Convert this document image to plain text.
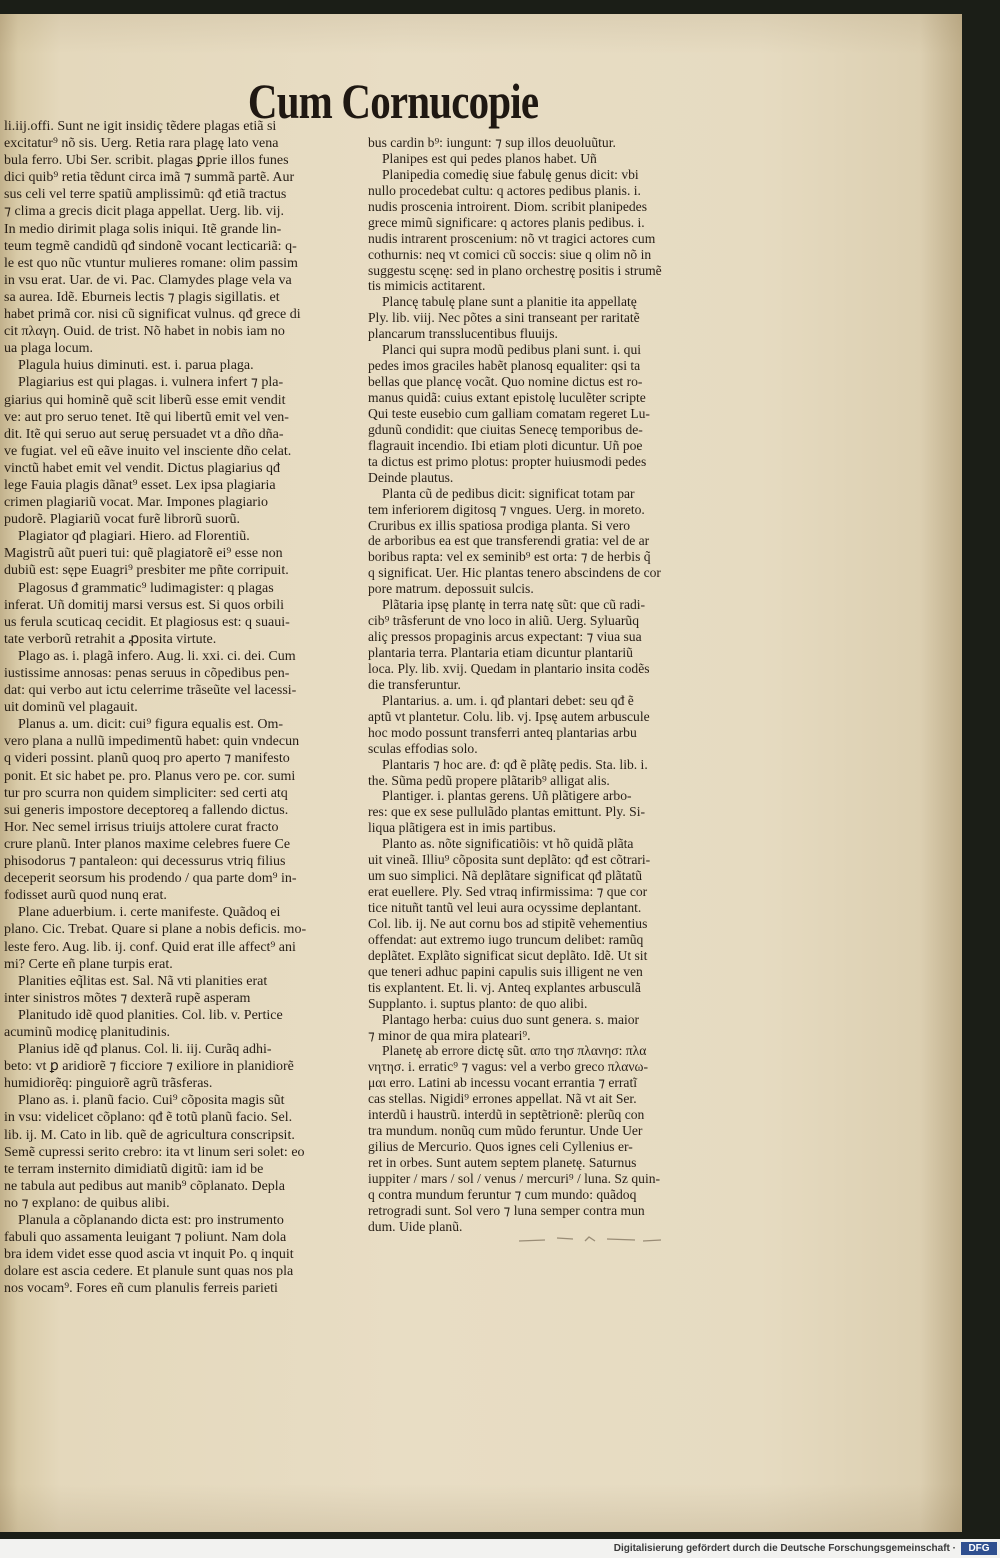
Cum Cornucopie
li.iij.offi. Sunt ne igit insidiç tẽdere plagas etiã si
excitatur⁹ nõ sis. Uerg. Retia rara plagę lato vena
bula ferro. Ubi Ser. scribit. plagas ꝑprie illos funes
dici quib⁹ retia tẽdunt circa imã ⁊ summã partẽ. Aur
sus celi vel terre spatiũ amplissimũ: qđ etiã tractus
⁊ clima a grecis dicit plaga appellat. Uerg. lib. vij.
In medio dirimit plaga solis iniqui. Itẽ grande lin-
teum tegmẽ candidũ qđ sindonẽ vocant lecticariã: q-
le est quo nũc vtuntur mulieres romane: olim passim
in vsu erat. Uar. de vi. Pac. Clamydes plage vela va
sa aurea. Idẽ. Eburneis lectis ⁊ plagis sigillatis. et
habet primã cor. nisi cũ significat vulnus. qđ grece di
cit πλαγη. Ouid. de trist. Nõ habet in nobis iam no
ua plaga locum.
Plagula huius diminuti. est. i. parua plaga.
Plagiarius est qui plagas. i. vulnera infert ⁊ pla-
giarius qui hominẽ quẽ scit liberũ esse emit vendit
ve: aut pro seruo tenet. Itẽ qui libertũ emit vel ven-
dit. Itẽ qui seruo aut seruę persuadet vt a dño dña-
ve fugiat. vel eũ eãve inuito vel insciente dño celat.
vinctũ habet emit vel vendit. Dictus plagiarius qđ
lege Fauia plagis dãnat⁹ esset. Lex ipsa plagiaria
crimen plagiariũ vocat. Mar. Impones plagiario
pudorẽ. Plagiariũ vocat furẽ librorũ suorũ.
Plagiator qđ plagiari. Hiero. ad Florentiũ.
Magistrũ aũt pueri tui: quẽ plagiatorẽ ei⁹ esse non
dubiũ est: sępe Euagri⁹ presbiter me pñte corripuit.
Plagosus đ grammatic⁹ ludimagister: q plagas
inferat. Uñ domitij marsi versus est. Si quos orbili
us ferula scuticaq cecidit. Et plagiosus est: q suaui-
tate verborũ retrahit a ꝓposita virtute.
Plago as. i. plagã infero. Aug. li. xxi. ci. dei. Cum
iustissime annosas: penas seruus in cõpedibus pen-
dat: qui verbo aut ictu celerrime trãseũte vel lacessi-
uit dominũ vel plagauit.
Planus a. um. dicit: cui⁹ figura equalis est. Om-
vero plana a nullũ impedimentũ habet: quin vndecun
q videri possint. planũ quoq pro aperto ⁊ manifesto
ponit. Et sic habet pe. pro. Planus vero pe. cor. sumi
tur pro scurra non quidem simpliciter: sed certi atq
sui generis impostore deceptoreq a fallendo dictus.
Hor. Nec semel irrisus triuijs attolere curat fracto
crure planũ. Inter planos maxime celebres fuere Ce
phisodorus ⁊ pantaleon: qui decessurus vtriq filius
deceperit seorsum his prodendo / qua parte dom⁹ in-
fodisset aurũ quod nunq erat.
Plane aduerbium. i. certe manifeste. Quãdoq ei
plano. Cic. Trebat. Quare si plane a nobis deficis. mo-
leste fero. Aug. lib. ij. conf. Quid erat ille affect⁹ ani
mi? Certe eñ plane turpis erat.
Planities eq̃litas est. Sal. Nã vti planities erat
inter sinistros mõtes ⁊ dexterã rupẽ asperam
Planitudo idẽ quod planities. Col. lib. v. Pertice
acuminũ modicę planitudinis.
Planius idẽ qđ planus. Col. li. iij. Curãq adhi-
beto: vt ꝑ aridiorẽ ⁊ ficciore ⁊ exiliore in planidiorẽ
humidiorẽq: pinguiorẽ agrũ trãsferas.
Plano as. i. planũ facio. Cui⁹ cõposita magis sũt
in vsu: videlicet cõplano: qđ ẽ totũ planũ facio. Sel.
lib. ij. M. Cato in lib. quẽ de agricultura conscripsit.
Semẽ cupressi serito crebro: ita vt linum seri solet: eo
te terram insternito dimidiatũ digitũ: iam id be
ne tabula aut pedibus aut manib⁹ cõplanato. Depla
no ⁊ explano: de quibus alibi.
Planula a cõplanando dicta est: pro instrumento
fabuli quo assamenta leuigant ⁊ poliunt. Nam dola
bra idem videt esse quod ascia vt inquit Po. q inquit
dolare est ascia cedere. Et planule sunt quas nos pla
nos vocam⁹. Fores eñ cum planulis ferreis parieti
bus cardin b⁹: iungunt: ⁊ sup illos deuoluũtur.
Planipes est qui pedes planos habet. Uñ
Planipedia comedię siue fabulę genus dicit: vbi
nullo procedebat cultu: q actores pedibus planis. i.
nudis proscenia introirent. Diom. scribit planipedes
grece mimũ significare: q actores planis pedibus. i.
nudis intrarent proscenium: nõ vt tragici actores cum
cothurnis: neq vt comici cũ soccis: siue q olim nõ in
suggestu scęnę: sed in plano orchestrę positis i strumẽ
tis mimicis actitarent.
Plancę tabulę plane sunt a planitie ita appellatę
Ply. lib. viij. Nec põtes a sini transeant per raritatẽ
plancarum transslucentibus fluuijs.
Planci qui supra modũ pedibus plani sunt. i. qui
pedes imos graciles habẽt planosq equaliter: qsi ta
bellas que plancę vocãt. Quo nomine dictus est ro-
manus quidã: cuius extant epistolę luculẽter scripte
Qui teste eusebio cum galliam comatam regeret Lu-
gdunũ condidit: que ciuitas Senecę temporibus de-
flagrauit incendio. Ibi etiam ploti dicuntur. Uñ poe
ta dictus est primo plotus: propter huiusmodi pedes
Deinde plautus.
Planta cũ de pedibus dicit: significat totam par
tem inferiorem digitosq ⁊ vngues. Uerg. in moreto.
Cruribus ex illis spatiosa prodiga planta. Si vero
de arboribus ea est que transferendi gratia: vel de ar
boribus rapta: vel ex seminib⁹ est orta: ⁊ de herbis q̃
q significat. Uer. Hic plantas tenero abscindens de cor
pore matrum. depossuit sulcis.
Plãtaria ipsę plantę in terra natę sũt: que cũ radi-
cib⁹ trãsferunt de vno loco in aliũ. Uerg. Syluarũq
aliç pressos propaginis arcus expectant: ⁊ viua sua
plantaria terra. Plantaria etiam dicuntur plantariũ
loca. Ply. lib. xvij. Quedam in plantario insita codẽs
die transferuntur.
Plantarius. a. um. i. qđ plantari debet: seu qđ ẽ
aptũ vt plantetur. Colu. lib. vj. Ipsę autem arbuscule
hoc modo possunt transferri anteq plantarias arbu
sculas effodias solo.
Plantaris ⁊ hoc are. đ: qđ ẽ plãtę pedis. Sta. lib. i.
the. Sũma pedũ propere plãtarib⁹ alligat alis.
Plantiger. i. plantas gerens. Uñ plãtigere arbo-
res: que ex sese pullulãdo plantas emittunt. Ply. Si-
liqua plãtigera est in imis partibus.
Planto as. nõte significatiõis: vt hõ quidã plãta
uit vineã. Illiu⁹ cõposita sunt deplãto: qđ est cõtrari-
um suo simplici. Nã deplãtare significat qđ plãtatũ
erat euellere. Ply. Sed vtraq infirmissima: ⁊ que cor
tice nituñt tantũ vel leui aura ocyssime deplantant.
Col. lib. ij. Ne aut cornu bos ad stipitẽ vehementius
offendat: aut extremo iugo truncum delibet: ramũq
deplãtet. Explãto significat sicut deplãto. Idẽ. Ut sit
que teneri adhuc papini capulis suis illigent ne ven
tis explantent. Et. li. vj. Anteq explantes arbusculã
Supplanto. i. suptus planto: de quo alibi.
Plantago herba: cuius duo sunt genera. s. maior
⁊ minor de qua mira plateari⁹.
Planetę ab errore dictę sũt. απο τησ πλανησ: πλα
νητησ. i. erratic⁹ ⁊ vagus: vel a verbo greco πλανω-
μαι erro. Latini ab incessu vocant errantia ⁊ erratĩ
cas stellas. Nigidi⁹ errones appellat. Nã vt ait Ser.
interdũ i haustrũ. interdũ in septẽtrionẽ: plerũq con
tra mundum. nonũq cum mũdo feruntur. Unde Uer
gilius de Mercurio. Quos ignes celi Cyllenius er-
ret in orbes. Sunt autem septem planetę. Saturnus
iuppiter / mars / sol / venus / mercuri⁹ / luna. Sz quin-
q contra mundum feruntur ⁊ cum mundo: quãdoq
retrogradi sunt. Sol vero ⁊ luna semper contra mun
dum. Uide planũ.
Digitalisierung gefördert durch die Deutsche Forschungsgemeinschaft ·	DFG
